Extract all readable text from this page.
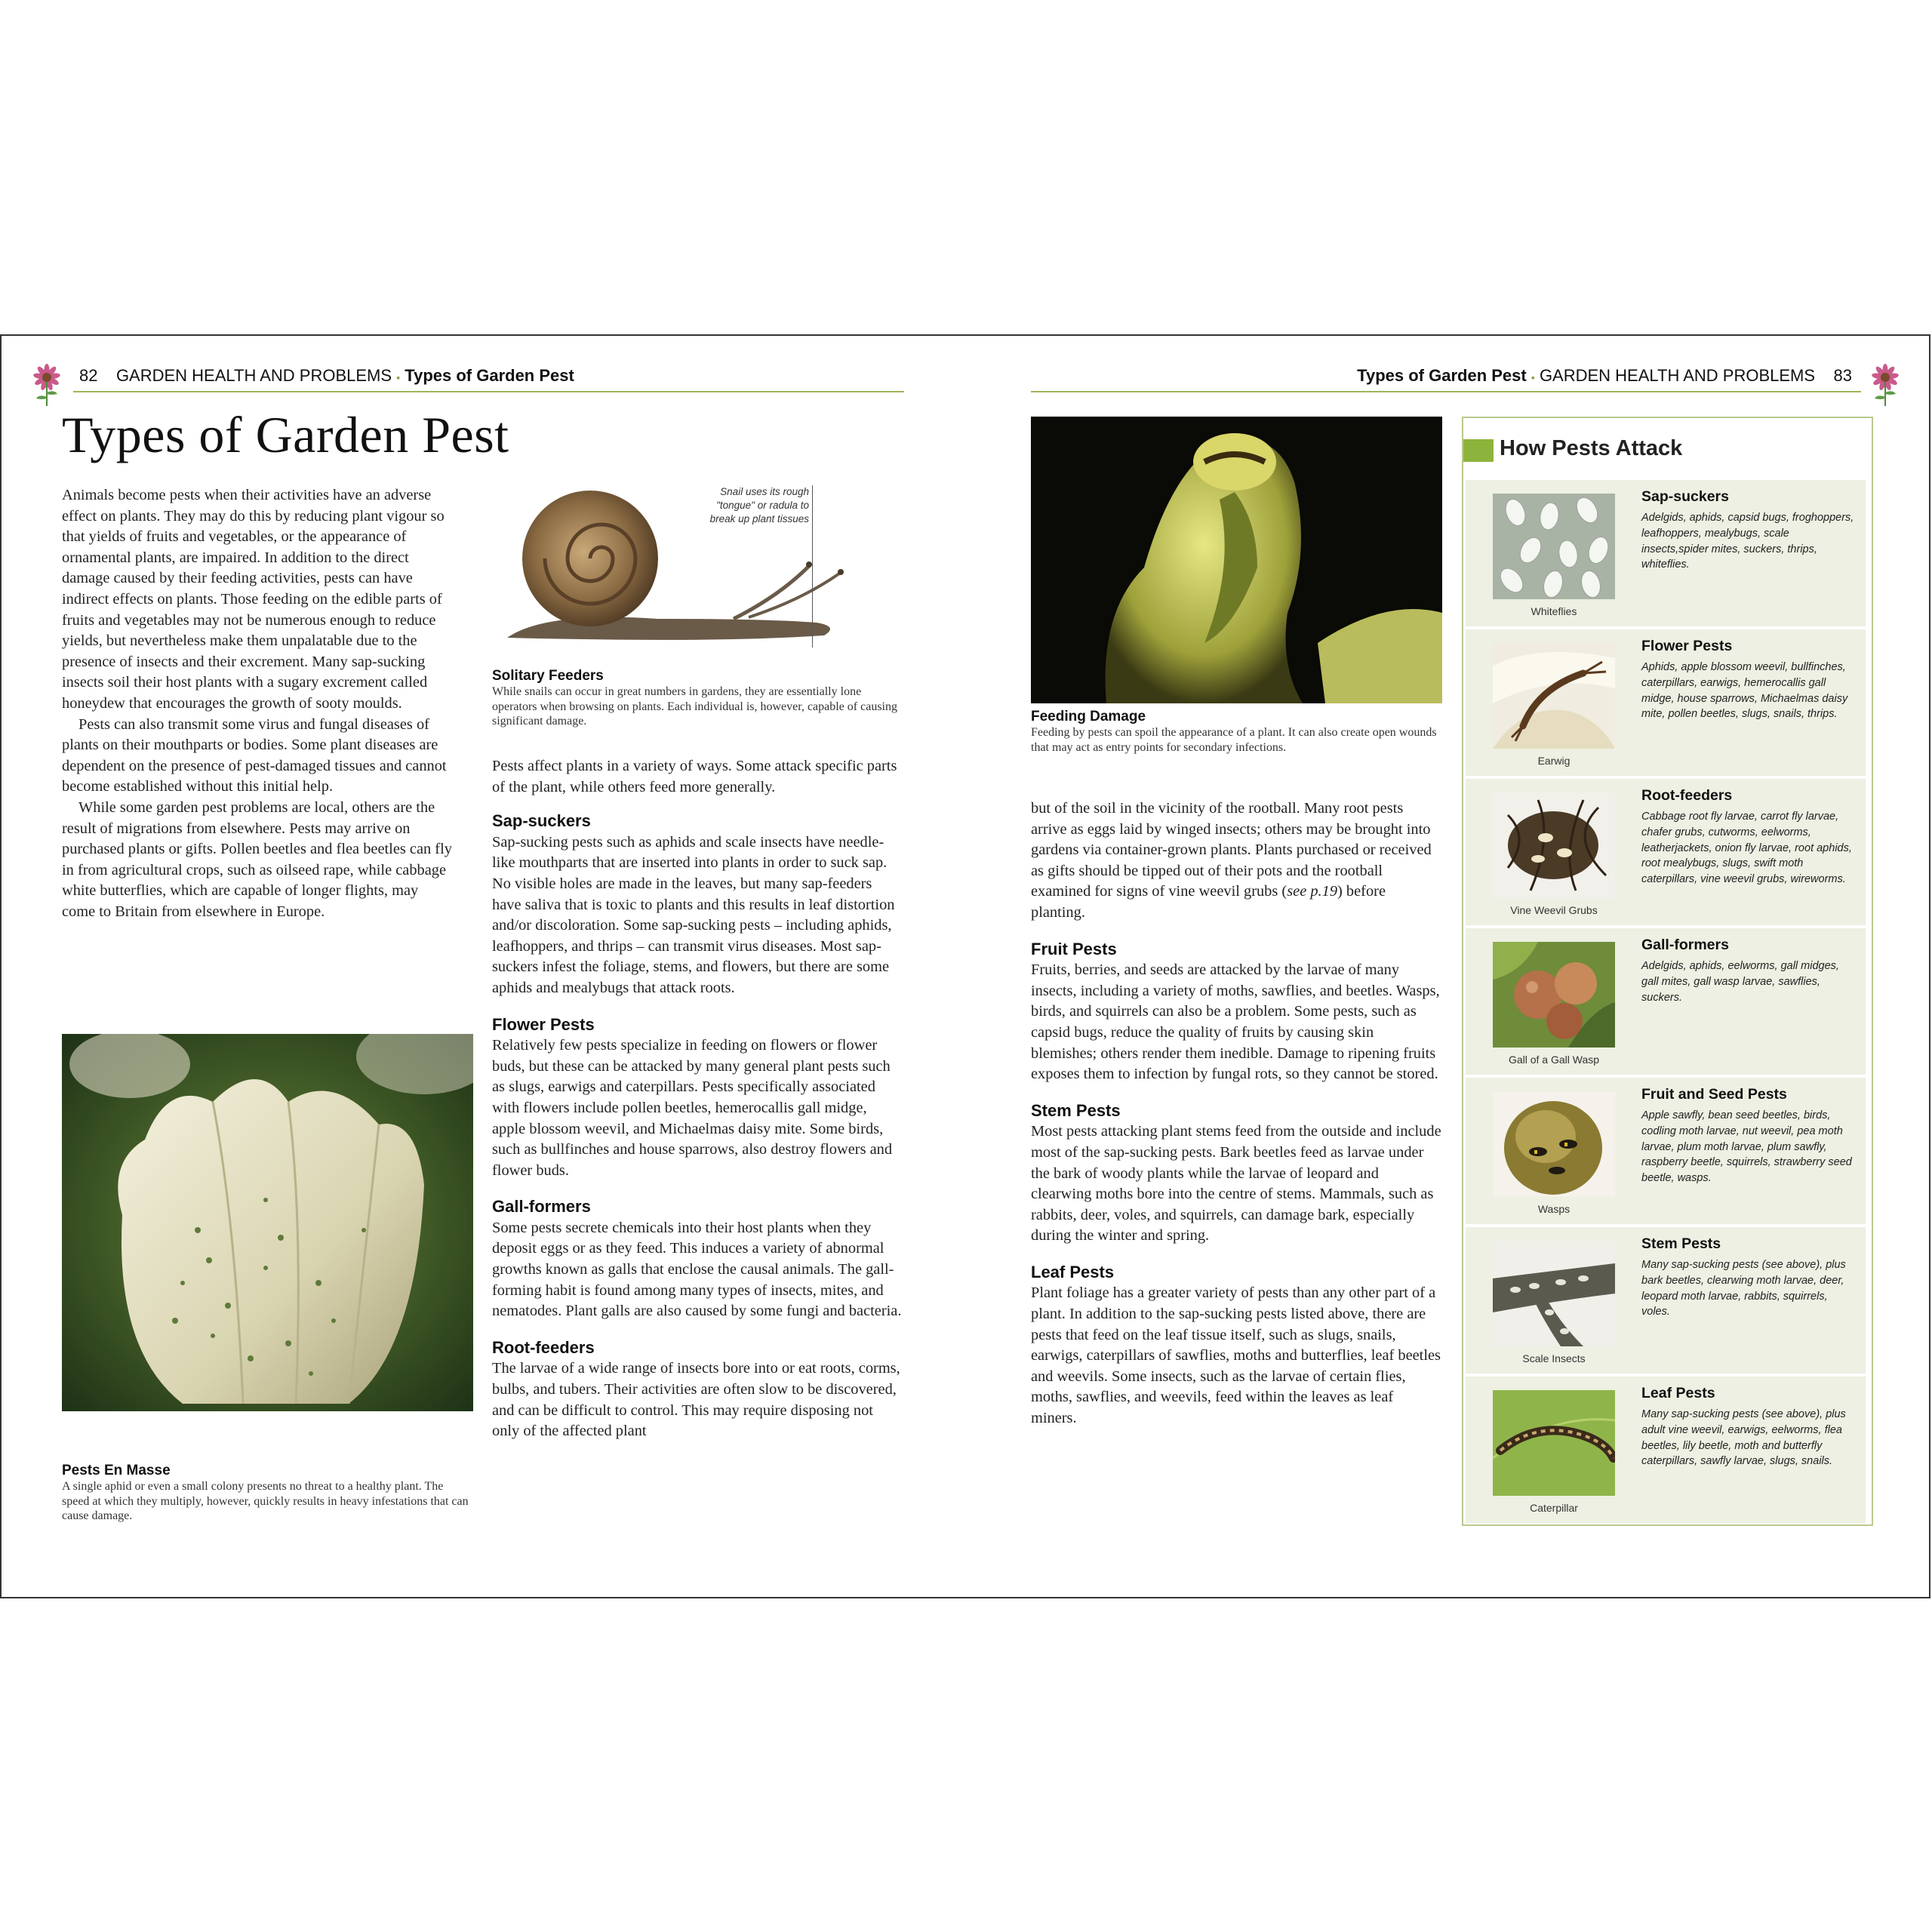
82 GARDEN HEALTH AND PROBLEMS ▪ Types of Garden Pest
Types of Garden Pest

Animals become pests when their activities have an adverse effect on plants. They may do this by reducing plant vigour so that yields of fruits and vegetables, or the appearance of ornamental plants, are impaired. In addition to the direct damage caused by their feeding activities, pests can have indirect effects on plants. Those feeding on the edible parts of fruits and vegetables may not be numerous enough to reduce yields, but nevertheless make them unpalatable due to the presence of insects and their excrement. Many sap-sucking insects soil their host plants with a sugary excrement called honeydew that encourages the growth of sooty moulds.

Pests can also transmit some virus and fungal diseases of plants on their mouthparts or bodies. Some plant diseases are dependent on the presence of pest-damaged tissues and cannot become established without this initial help.

While some garden pest problems are local, others are the result of migrations from elsewhere. Pests may arrive on purchased plants or gifts. Pollen beetles and flea beetles can fly in from agricultural crops, such as oilseed rape, while cabbage white butterflies, which are capable of longer flights, may come to Britain from elsewhere in Europe.

Pests En Masse

A single aphid or even a small colony presents no threat to a healthy plant. The speed at which they multiply, however, quickly results in heavy infestations that can cause damage.

Snail uses its rough "tongue" or radula to break up plant tissues

Solitary Feeders

While snails can occur in great numbers in gardens, they are essentially lone operators when browsing on plants. Each individual is, however, capable of causing significant damage.

Pests affect plants in a variety of ways. Some attack specific parts of the plant, while others feed more generally.

Sap-suckers

Sap-sucking pests such as aphids and scale insects have needle-like mouthparts that are inserted into plants in order to suck sap. No visible holes are made in the leaves, but many sap-feeders have saliva that is toxic to plants and this results in leaf distortion and/or discoloration. Some sap-sucking pests – including aphids, leafhoppers, and thrips – can transmit virus diseases. Most sap-suckers infest the foliage, stems, and flowers, but there are some aphids and mealybugs that attack roots.

Flower Pests

Relatively few pests specialize in feeding on flowers or flower buds, but these can be attacked by many general plant pests such as slugs, earwigs and caterpillars. Pests specifically associated with flowers include pollen beetles, hemerocallis gall midge, apple blossom weevil, and Michaelmas daisy mite. Some birds, such as bullfinches and house sparrows, also destroy flowers and flower buds.

Gall-formers

Some pests secrete chemicals into their host plants when they deposit eggs or as they feed. This induces a variety of abnormal growths known as galls that enclose the causal animals. The gall-forming habit is found among many types of insects, mites, and nematodes. Plant galls are also caused by some fungi and bacteria.

Root-feeders

The larvae of a wide range of insects bore into or eat roots, corms, bulbs, and tubers. Their activities are often slow to be discovered, and can be difficult to control. This may require disposing not only of the affected plant

Types of Garden Pest ▪ GARDEN HEALTH AND PROBLEMS 83

Feeding Damage

Feeding by pests can spoil the appearance of a plant. It can also create open wounds that may act as entry points for secondary infections.

but of the soil in the vicinity of the rootball. Many root pests arrive as eggs laid by winged insects; others may be brought into gardens via container-grown plants. Plants purchased or received as gifts should be tipped out of their pots and the rootball examined for signs of vine weevil grubs (see p.19) before planting.

Fruit Pests

Fruits, berries, and seeds are attacked by the larvae of many insects, including a variety of moths, sawflies, and beetles. Wasps, birds, and squirrels can also be a problem. Some pests, such as capsid bugs, reduce the quality of fruits by causing skin blemishes; others render them inedible. Damage to ripening fruits exposes them to infection by fungal rots, so they cannot be stored.

Stem Pests

Most pests attacking plant stems feed from the outside and include most of the sap-sucking pests. Bark beetles feed as larvae under the bark of woody plants while the larvae of leopard and clearwing moths bore into the centre of stems. Mammals, such as rabbits, deer, voles, and squirrels, can damage bark, especially during the winter and spring.

Leaf Pests

Plant foliage has a greater variety of pests than any other part of a plant. In addition to the sap-sucking pests listed above, there are pests that feed on the leaf tissue itself, such as slugs, snails, earwigs, caterpillars of sawflies, moths and butterflies, leaf beetles and weevils. Some insects, such as the larvae of certain flies, moths, sawflies, and weevils, feed within the leaves as leaf miners.

How Pests Attack
Whiteflies
Sap-suckers
Adelgids, aphids, capsid bugs, froghoppers, leafhoppers, mealybugs, scale insects,spider mites, suckers, thrips, whiteflies.
Earwig
Flower Pests
Aphids, apple blossom weevil, bullfinches, caterpillars, earwigs, hemerocallis gall midge, house sparrows, Michaelmas daisy mite, pollen beetles, slugs, snails, thrips.
Vine Weevil Grubs
Root-feeders
Cabbage root fly larvae, carrot fly larvae, chafer grubs, cutworms, eelworms, leatherjackets, onion fly larvae, root aphids, root mealybugs, slugs, swift moth caterpillars, vine weevil grubs, wireworms.
Gall of a Gall Wasp
Gall-formers
Adelgids, aphids, eelworms, gall midges, gall mites, gall wasp larvae, sawflies, suckers.
Wasps
Fruit and Seed Pests
Apple sawfly, bean seed beetles, birds, codling moth larvae, nut weevil, pea moth larvae, plum moth larvae, plum sawfly, raspberry beetle, squirrels, strawberry seed beetle, wasps.
Scale Insects
Stem Pests
Many sap-sucking pests (see above), plus bark beetles, clearwing moth larvae, deer, leopard moth larvae, rabbits, squirrels, voles.
Caterpillar
Leaf Pests
Many sap-sucking pests (see above), plus adult vine weevil, earwigs, eelworms, flea beetles, lily beetle, moth and butterfly caterpillars, sawfly larvae, slugs, snails.
